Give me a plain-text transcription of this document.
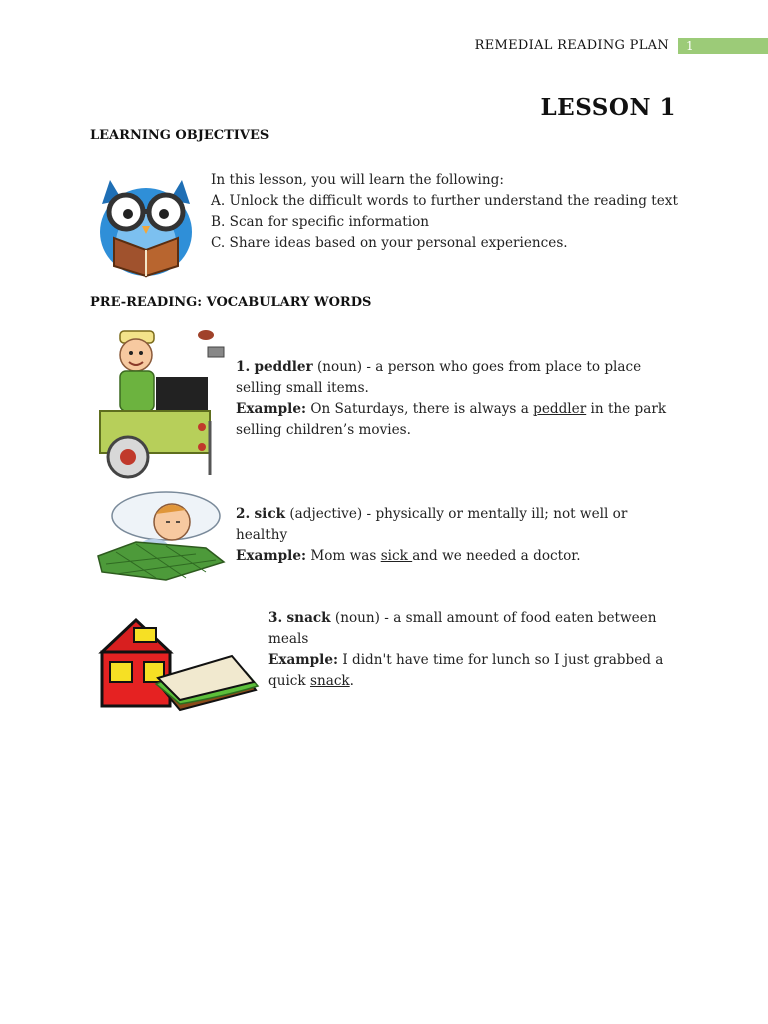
REMEDIAL READING PLAN	1
LESSON 1
LEARNING OBJECTIVES
In this lesson, you will learn the following:
A. Unlock the difficult words to further understand the reading text
B. Scan for specific information
C. Share ideas based on your personal experiences.
PRE-READING: VOCABULARY WORDS
1. peddler (noun) - a person who goes from place to place selling small items.
Example: On Saturdays, there is always a peddler in the park selling children’s movies.
2. sick (adjective) - physically or mentally ill; not well or healthy
Example: Mom was sick and we needed a doctor.
3. snack (noun) - a small amount of food eaten between meals
Example: I didn't have time for lunch so I just grabbed a quick snack.
